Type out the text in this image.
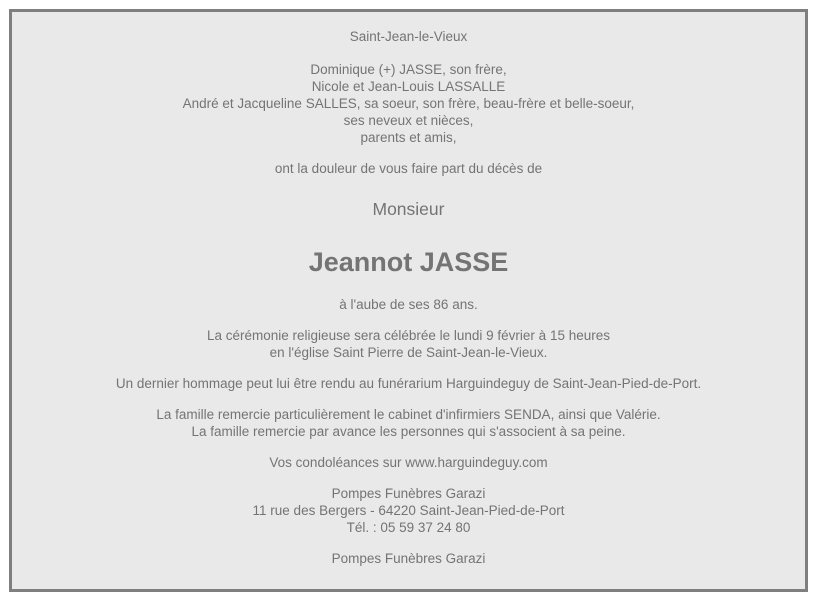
Saint-Jean-le-Vieux

Dominique (+) JASSE, son frère,
Nicole et Jean-Louis LASSALLE
André et Jacqueline SALLES, sa soeur, son frère, beau-frère et belle-soeur,
ses neveux et nièces,
parents et amis,

ont la douleur de vous faire part du décès de

Monsieur

Jeannot JASSE

à l'aube de ses 86 ans.

La cérémonie religieuse sera célébrée le lundi 9 février à 15 heures
en l'église Saint Pierre de Saint-Jean-le-Vieux.

Un dernier hommage peut lui être rendu au funérarium Harguindeguy de Saint-Jean-Pied-de-Port.

La famille remercie particulièrement le cabinet d'infirmiers SENDA, ainsi que Valérie.
La famille remercie par avance les personnes qui s'associent à sa peine.

Vos condoléances sur www.harguindeguy.com

Pompes Funèbres Garazi
11 rue des Bergers - 64220 Saint-Jean-Pied-de-Port
Tél. : 05 59 37 24 80

Pompes Funèbres Garazi
